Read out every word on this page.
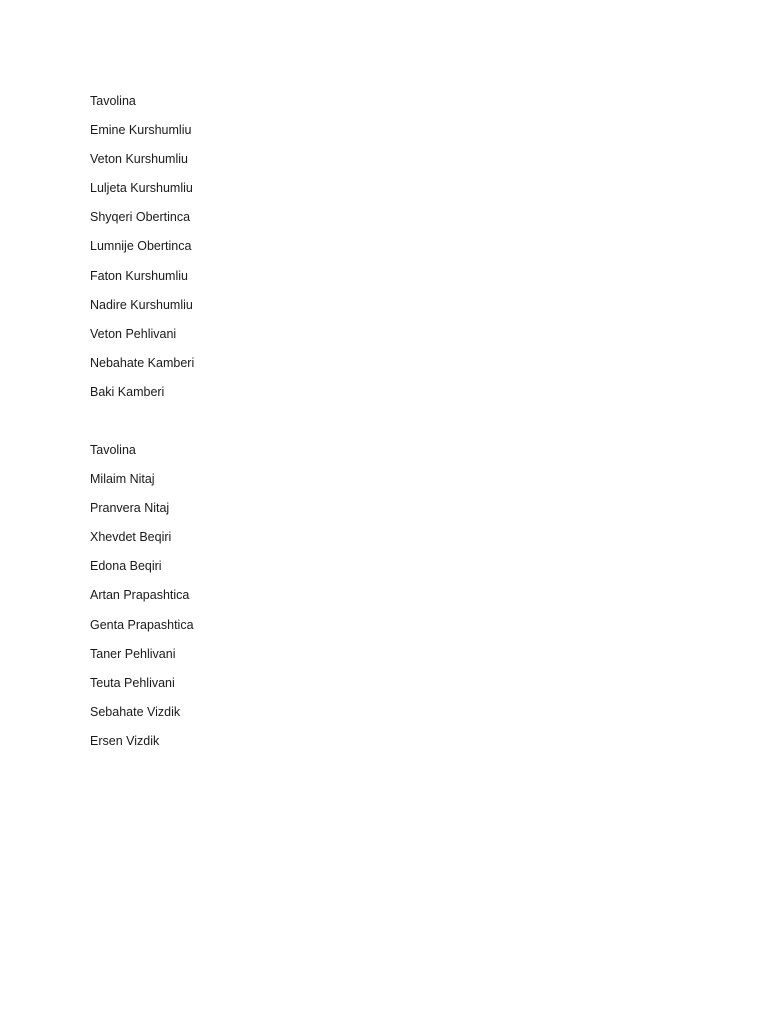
Tavolina
Emine Kurshumliu
Veton Kurshumliu
Luljeta Kurshumliu
Shyqeri Obertinca
Lumnije Obertinca
Faton Kurshumliu
Nadire Kurshumliu
Veton Pehlivani
Nebahate Kamberi
Baki Kamberi
Tavolina
Milaim Nitaj
Pranvera Nitaj
Xhevdet Beqiri
Edona Beqiri
Artan Prapashtica
Genta Prapashtica
Taner Pehlivani
Teuta Pehlivani
Sebahate Vizdik
Ersen Vizdik
